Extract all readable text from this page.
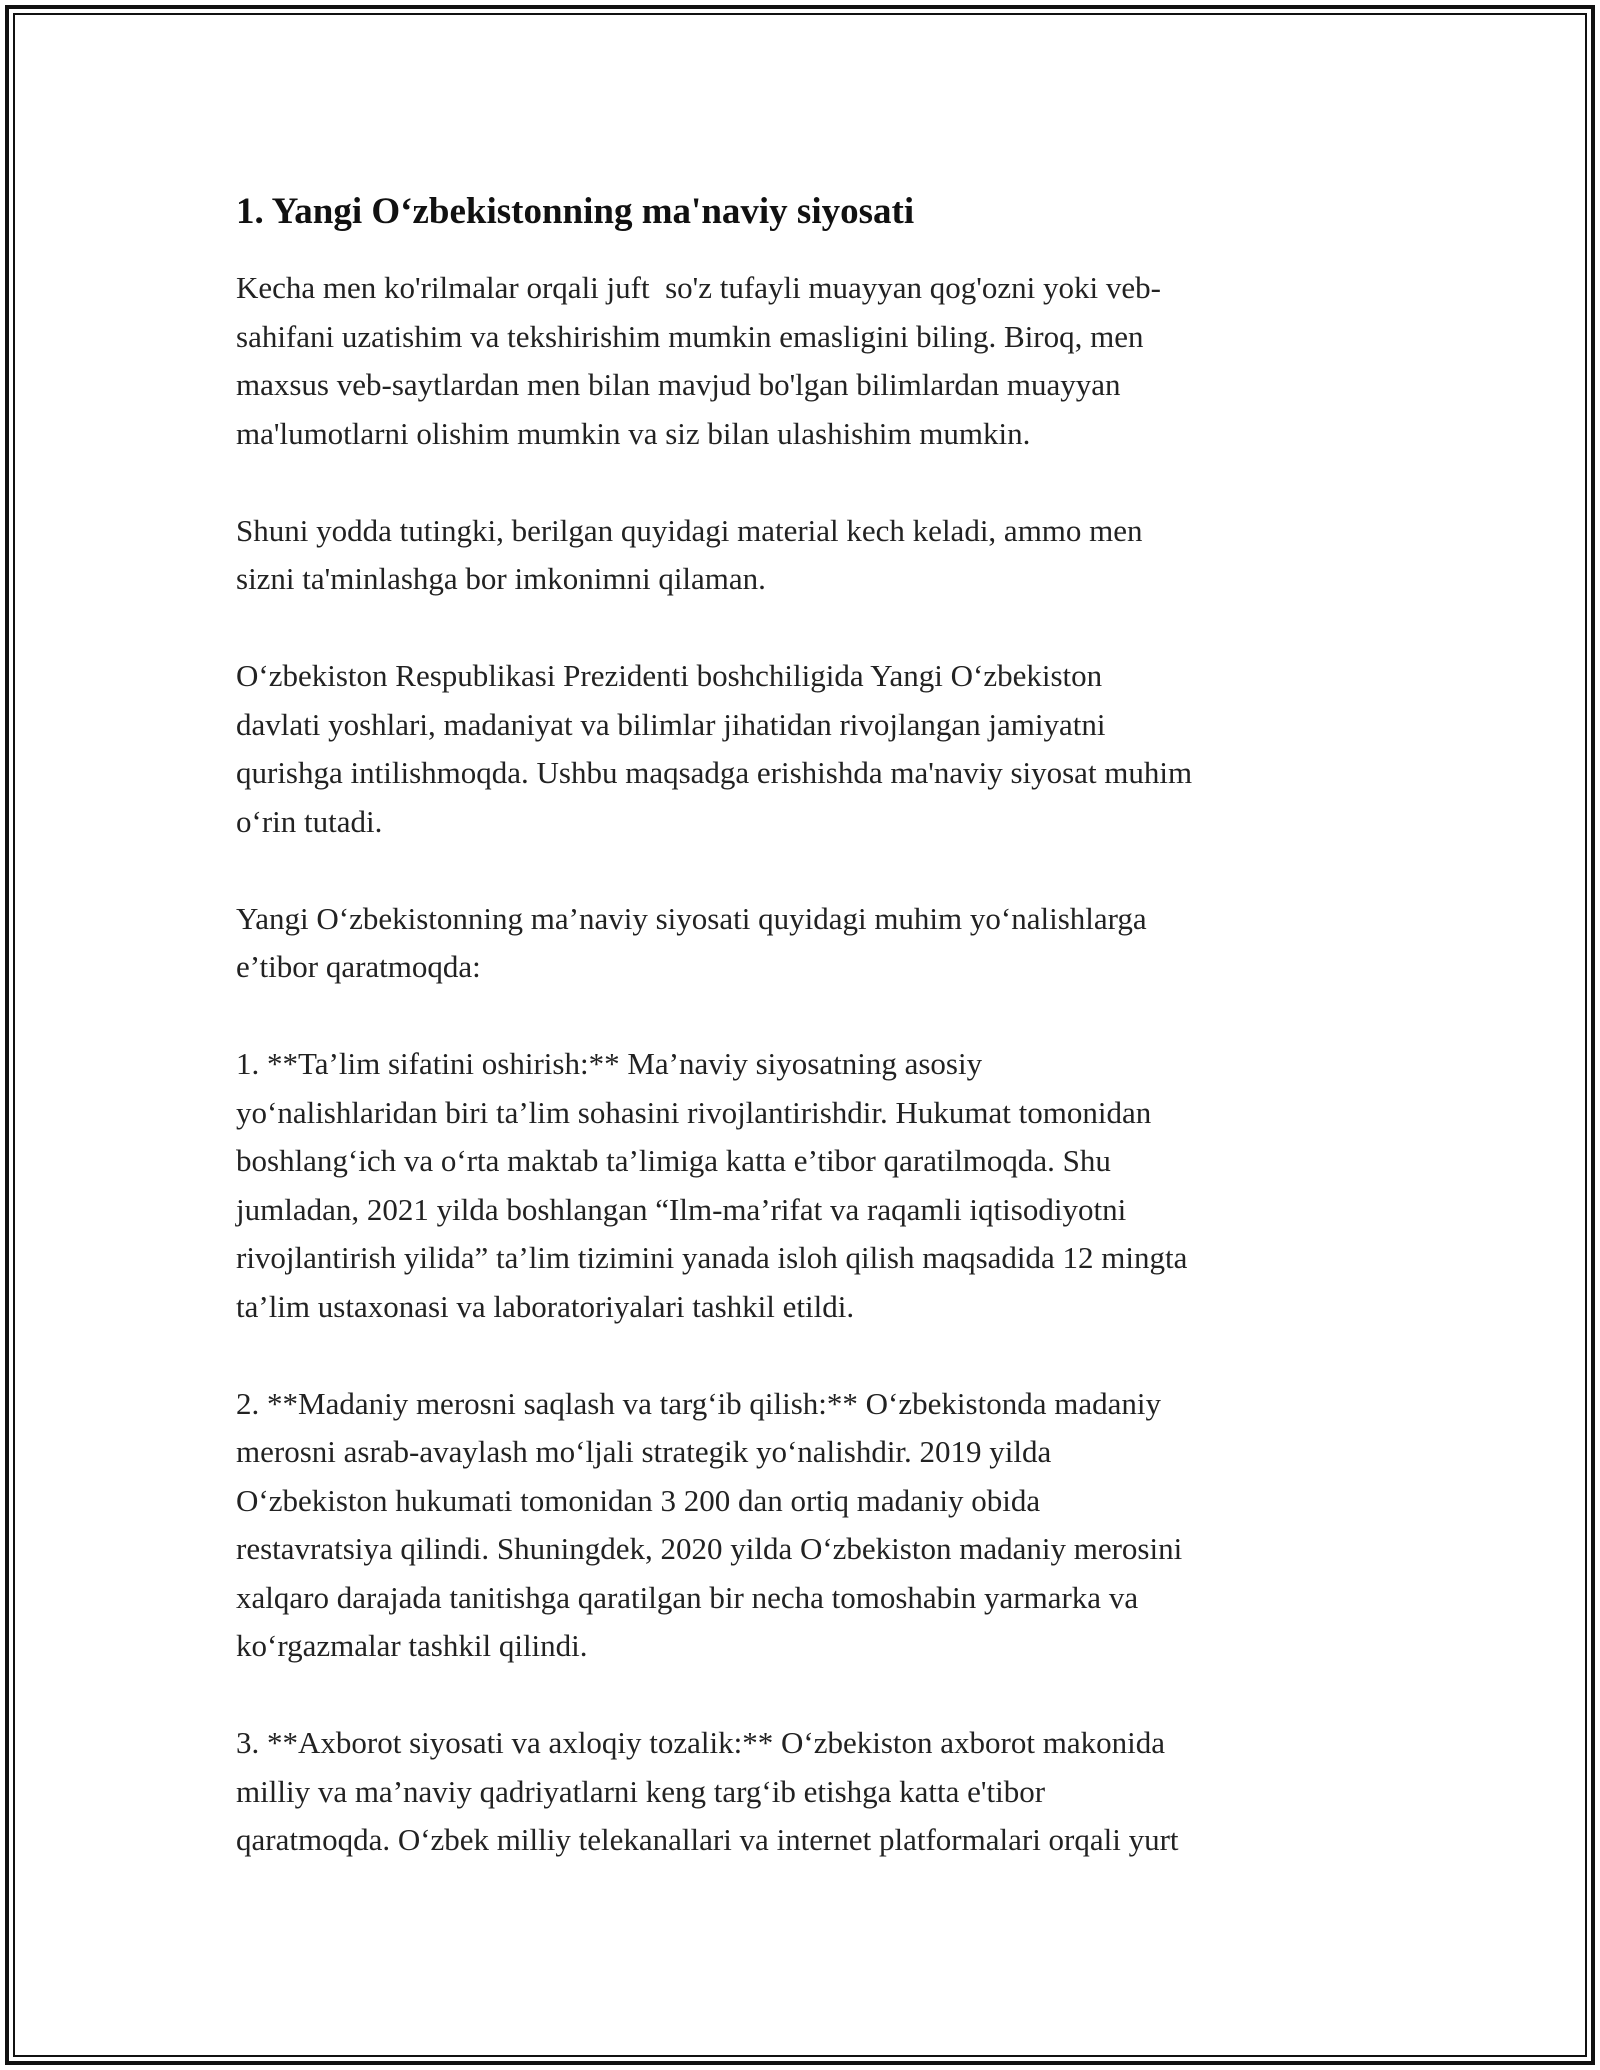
1. Yangi O‘zbekistonning ma'naviy siyosati

Kecha men ko'rilmalar orqali juft  so'z tufayli muayyan qog'ozni yoki veb-
sahifani uzatishim va tekshirishim mumkin emasligini biling. Biroq, men
maxsus veb-saytlardan men bilan mavjud bo'lgan bilimlardan muayyan
ma'lumotlarni olishim mumkin va siz bilan ulashishim mumkin.

Shuni yodda tutingki, berilgan quyidagi material kech keladi, ammo men
sizni ta'minlashga bor imkonimni qilaman.

O‘zbekiston Respublikasi Prezidenti boshchiligida Yangi O‘zbekiston
davlati yoshlari, madaniyat va bilimlar jihatidan rivojlangan jamiyatni
qurishga intilishmoqda. Ushbu maqsadga erishishda ma'naviy siyosat muhim
o‘rin tutadi.

Yangi O‘zbekistonning ma’naviy siyosati quyidagi muhim yo‘nalishlarga
e’tibor qaratmoqda:

1. **Ta’lim sifatini oshirish:** Ma’naviy siyosatning asosiy
yo‘nalishlaridan biri ta’lim sohasini rivojlantirishdir. Hukumat tomonidan
boshlang‘ich va o‘rta maktab ta’limiga katta e’tibor qaratilmoqda. Shu
jumladan, 2021 yilda boshlangan “Ilm-ma’rifat va raqamli iqtisodiyotni
rivojlantirish yilida” ta’lim tizimini yanada isloh qilish maqsadida 12 mingta
ta’lim ustaxonasi va laboratoriyalari tashkil etildi.

2. **Madaniy merosni saqlash va targ‘ib qilish:** O‘zbekistonda madaniy
merosni asrab-avaylash mo‘ljali strategik yo‘nalishdir. 2019 yilda
O‘zbekiston hukumati tomonidan 3 200 dan ortiq madaniy obida
restavratsiya qilindi. Shuningdek, 2020 yilda O‘zbekiston madaniy merosini
xalqaro darajada tanitishga qaratilgan bir necha tomoshabin yarmarka va
ko‘rgazmalar tashkil qilindi.

3. **Axborot siyosati va axloqiy tozalik:** O‘zbekiston axborot makonida
milliy va ma’naviy qadriyatlarni keng targ‘ib etishga katta e'tibor
qaratmoqda. O‘zbek milliy telekanallari va internet platformalari orqali yurt
